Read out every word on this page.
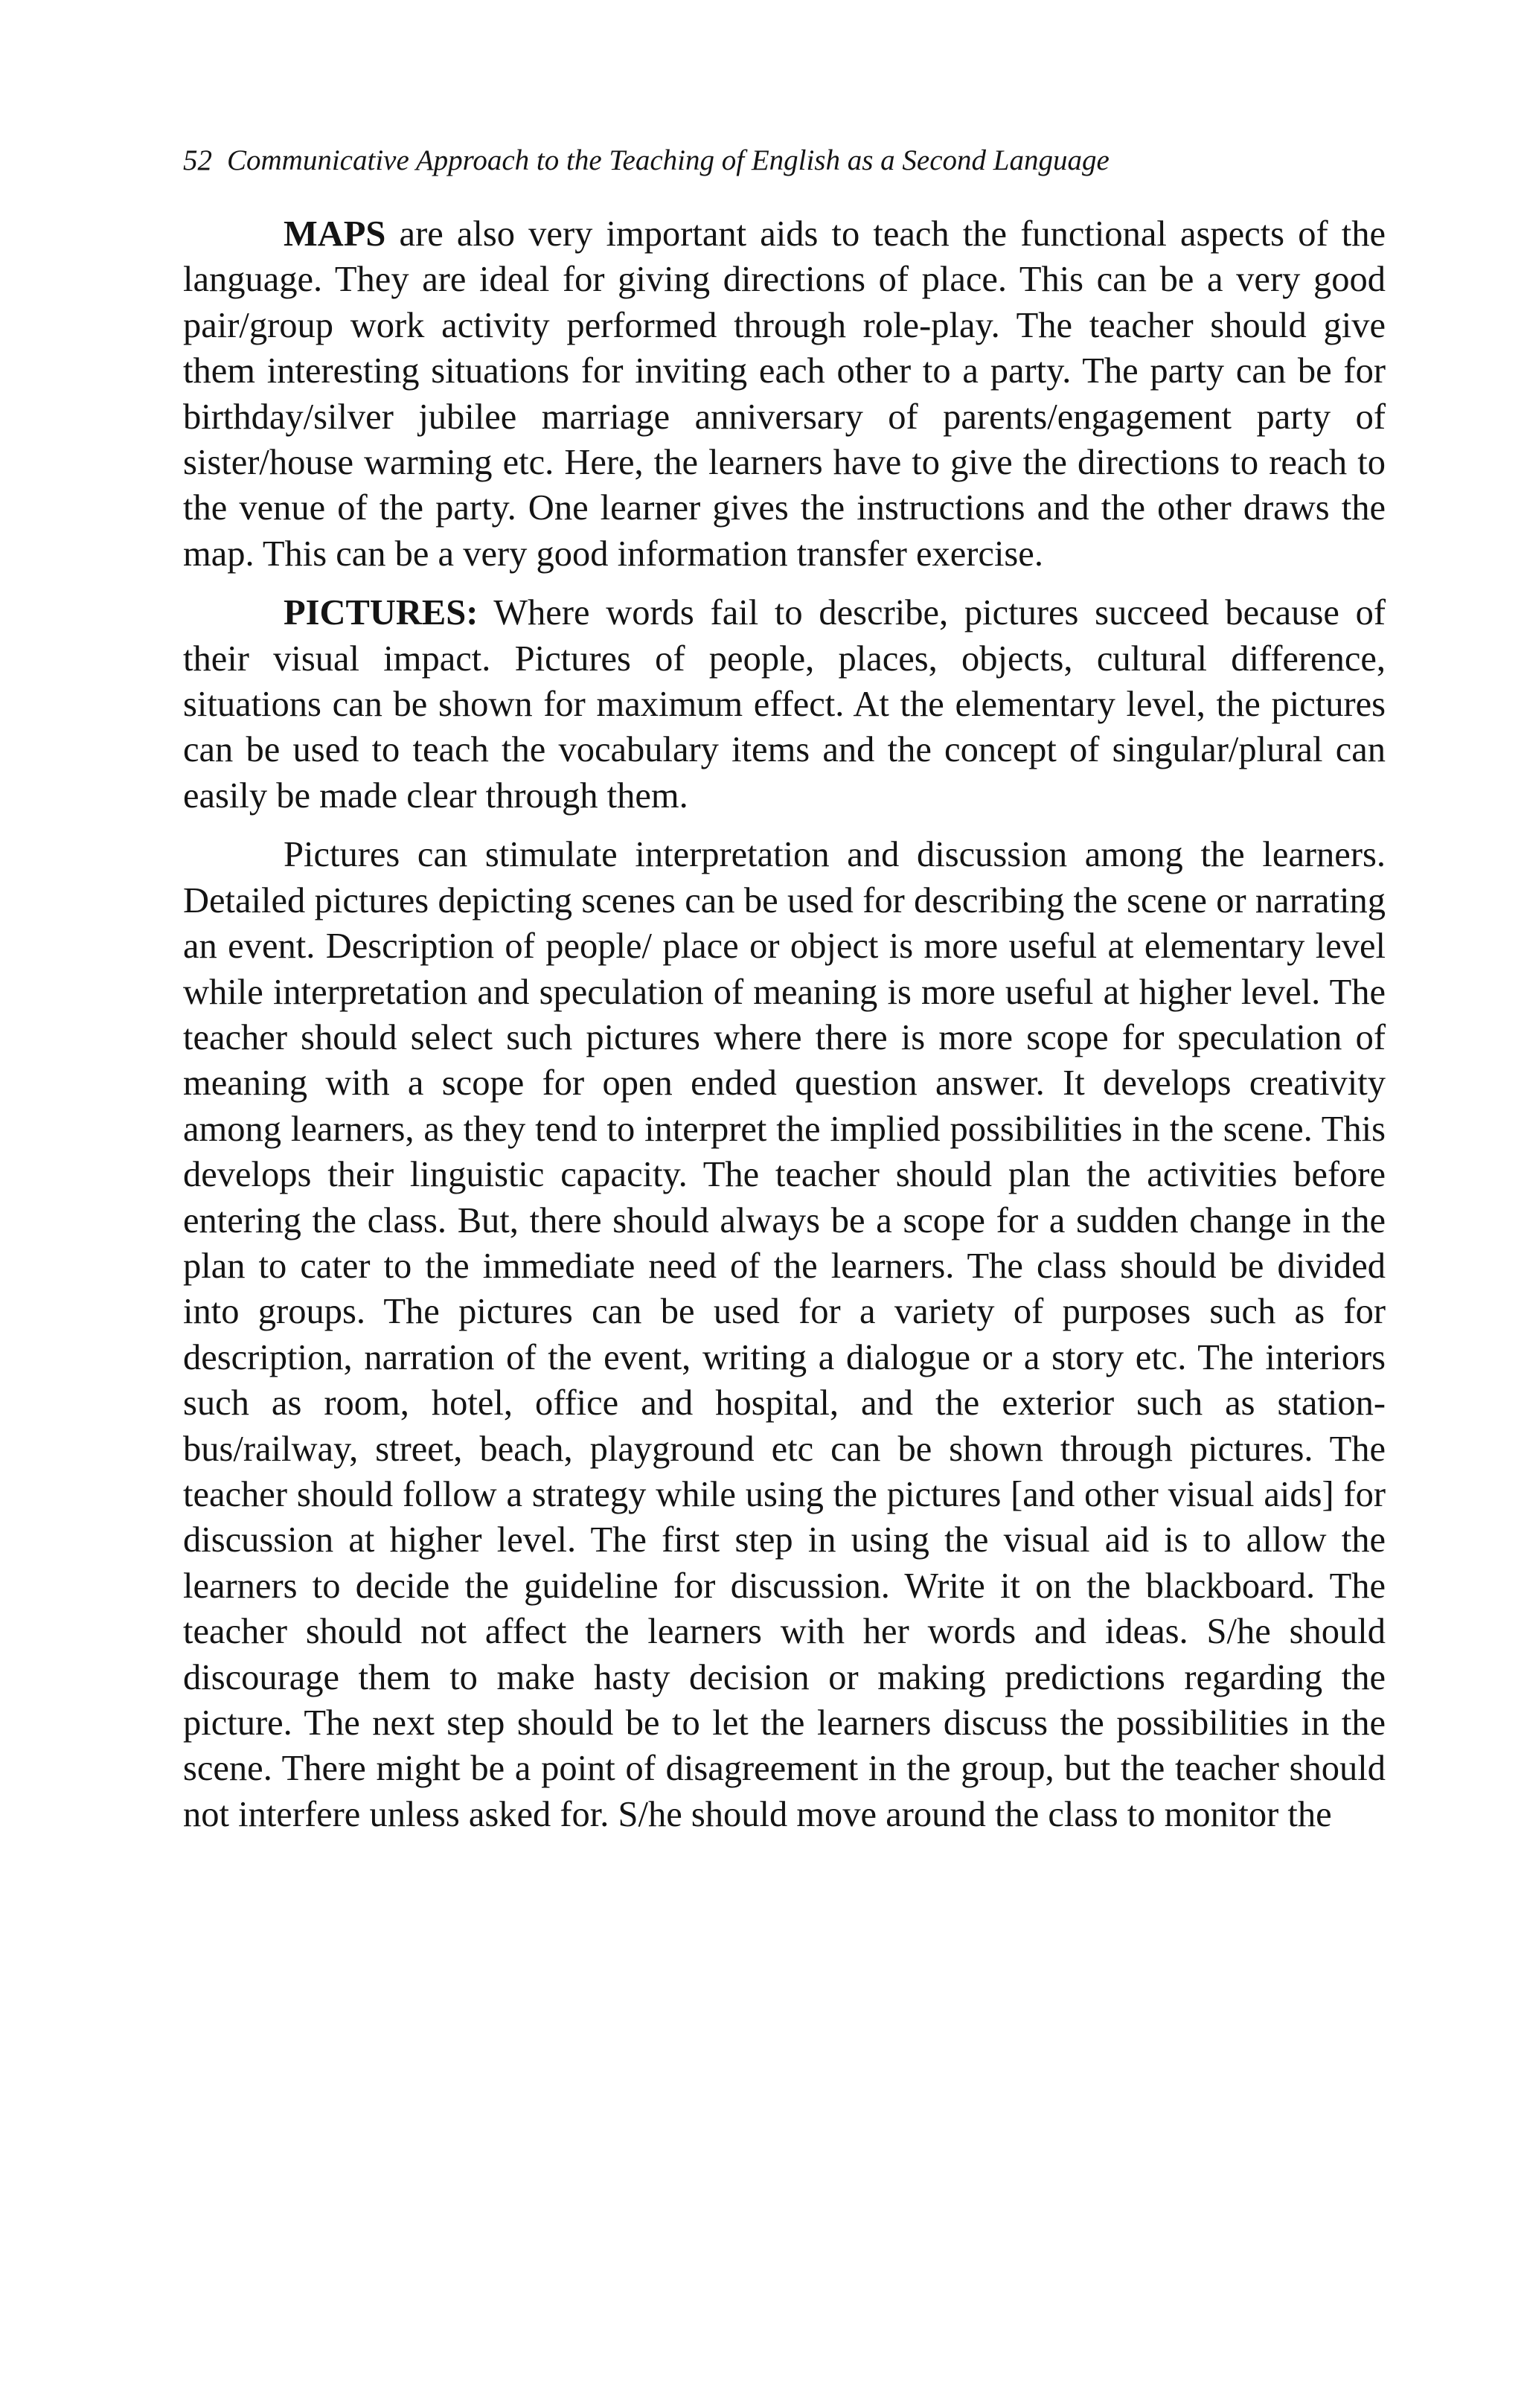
52 Communicative Approach to the Teaching of English as a Second Language

MAPS are also very important aids to teach the functional aspects of the language. They are ideal for giving directions of place. This can be a very good pair/group work activity performed through role-play. The teacher should give them interesting situations for inviting each other to a party. The party can be for birthday/silver jubilee marriage anniversary of parents/engagement party of sister/house warming etc. Here, the learners have to give the directions to reach to the venue of the party. One learner gives the instructions and the other draws the map. This can be a very good information transfer exercise.

PICTURES: Where words fail to describe, pictures succeed because of their visual impact. Pictures of people, places, objects, cultural difference, situations can be shown for maximum effect. At the elementary level, the pictures can be used to teach the vocabulary items and the concept of singular/plural can easily be made clear through them.

Pictures can stimulate interpretation and discussion among the learners. Detailed pictures depicting scenes can be used for describing the scene or narrating an event. Description of people/ place or object is more useful at elementary level while interpretation and speculation of meaning is more useful at higher level. The teacher should select such pictures where there is more scope for speculation of meaning with a scope for open ended question answer. It develops creativity among learners, as they tend to interpret the implied possibilities in the scene. This develops their linguistic capacity. The teacher should plan the activities before entering the class. But, there should always be a scope for a sudden change in the plan to cater to the immediate need of the learners. The class should be divided into groups. The pictures can be used for a variety of purposes such as for description, narration of the event, writing a dialogue or a story etc. The interiors such as room, hotel, office and hospital, and the exterior such as station-bus/railway, street, beach, playground etc can be shown through pictures. The teacher should follow a strategy while using the pictures [and other visual aids] for discussion at higher level. The first step in using the visual aid is to allow the learners to decide the guideline for discussion. Write it on the blackboard. The teacher should not affect the learners with her words and ideas. S/he should discourage them to make hasty decision or making predictions regarding the picture. The next step should be to let the learners discuss the possibilities in the scene. There might be a point of disagreement in the group, but the teacher should not interfere unless asked for. S/he should move around the class to monitor the
